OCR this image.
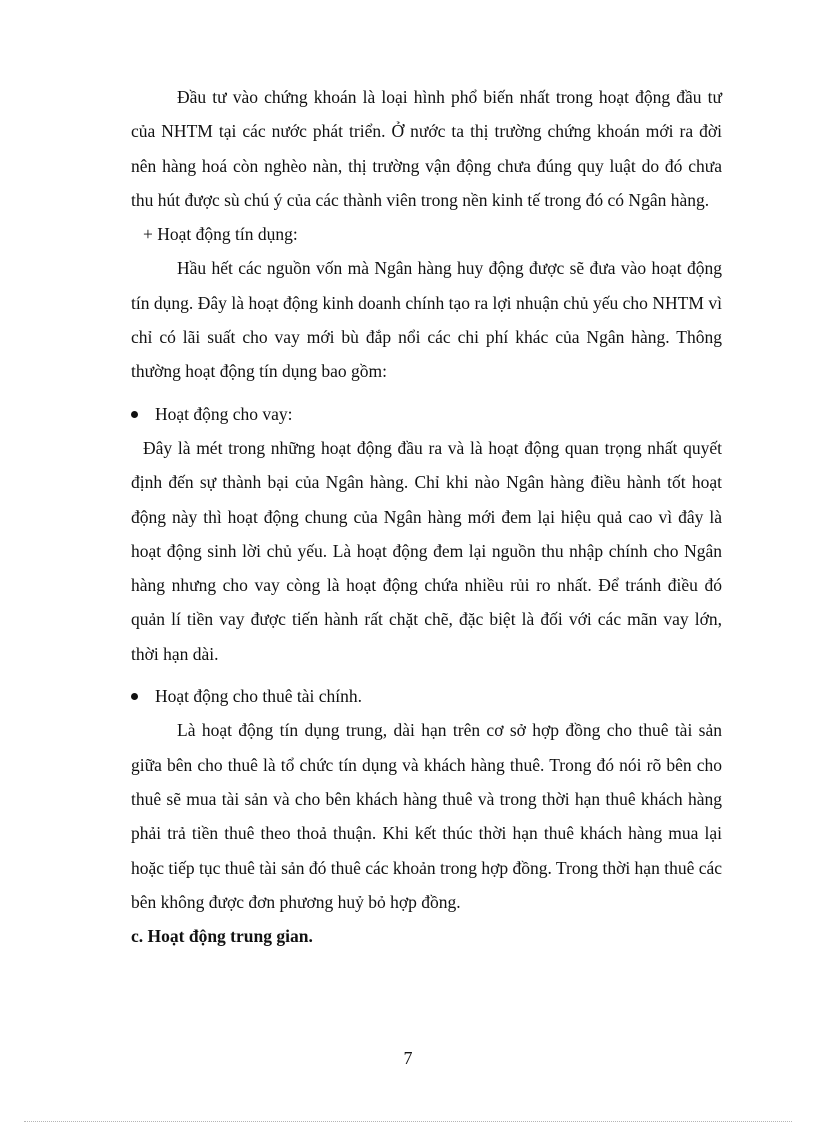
Đầu tư vào chứng khoán là loại hình phổ biến nhất trong hoạt động đầu tư của NHTM tại các nước phát triển. Ở nước ta thị trường chứng khoán mới ra đời nên hàng hoá còn nghèo nàn, thị trường vận động chưa đúng quy luật do đó chưa thu hút được sù chú ý của các thành viên trong nền kinh tế trong đó có Ngân hàng.

+ Hoạt động tín dụng:

Hầu hết các nguồn vốn mà Ngân hàng huy động được sẽ đưa vào hoạt động tín dụng. Đây là hoạt động kinh doanh chính tạo ra lợi nhuận chủ yếu cho NHTM vì chỉ có lãi suất cho vay mới bù đắp nổi các chi phí khác của Ngân hàng. Thông thường hoạt động tín dụng bao gồm:

Hoạt động cho vay:

Đây là mét trong những hoạt động đầu ra và là hoạt động quan trọng nhất quyết định đến sự thành bại của Ngân hàng. Chỉ khi nào Ngân hàng điều hành tốt hoạt động này thì hoạt động chung của Ngân hàng mới đem lại hiệu quả cao vì đây là hoạt động sinh lời chủ yếu. Là hoạt động đem lại nguồn thu nhập chính cho Ngân hàng nhưng cho vay còng là hoạt động chứa nhiều rủi ro nhất. Để tránh điều đó quản lí tiền vay được tiến hành rất chặt chẽ, đặc biệt là đối với các mãn vay lớn, thời hạn dài.

Hoạt động cho thuê tài chính.

Là hoạt động tín dụng trung, dài hạn trên cơ sở hợp đồng cho thuê tài sản giữa bên cho thuê là tổ chức tín dụng và khách hàng thuê. Trong đó nói rõ bên cho thuê sẽ mua tài sản và cho bên khách hàng thuê và trong thời hạn thuê khách hàng phải trả tiền thuê theo thoả thuận. Khi kết thúc thời hạn thuê khách hàng mua lại hoặc tiếp tục thuê tài sản đó thuê các khoản trong hợp đồng. Trong thời hạn thuê các bên không được đơn phương huỷ bỏ hợp đồng.

c. Hoạt động trung gian.

7
